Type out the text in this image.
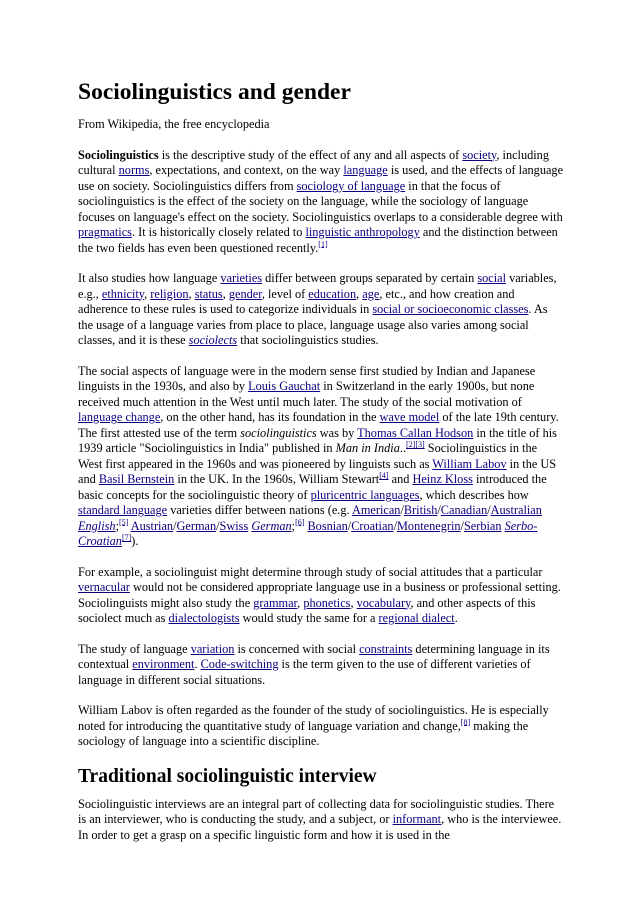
Sociolinguistics and gender

From Wikipedia, the free encyclopedia

Sociolinguistics is the descriptive study of the effect of any and all aspects of society, including cultural norms, expectations, and context, on the way language is used, and the effects of language use on society. Sociolinguistics differs from sociology of language in that the focus of sociolinguistics is the effect of the society on the language, while the sociology of language focuses on language's effect on the society. Sociolinguistics overlaps to a considerable degree with pragmatics. It is historically closely related to linguistic anthropology and the distinction between the two fields has even been questioned recently.[1]

It also studies how language varieties differ between groups separated by certain social variables, e.g., ethnicity, religion, status, gender, level of education, age, etc., and how creation and adherence to these rules is used to categorize individuals in social or socioeconomic classes. As the usage of a language varies from place to place, language usage also varies among social classes, and it is these sociolects that sociolinguistics studies.

The social aspects of language were in the modern sense first studied by Indian and Japanese linguists in the 1930s, and also by Louis Gauchat in Switzerland in the early 1900s, but none received much attention in the West until much later. The study of the social motivation of language change, on the other hand, has its foundation in the wave model of the late 19th century. The first attested use of the term sociolinguistics was by Thomas Callan Hodson in the title of his 1939 article "Sociolinguistics in India" published in Man in India..[2][3] Sociolinguistics in the West first appeared in the 1960s and was pioneered by linguists such as William Labov in the US and Basil Bernstein in the UK. In the 1960s, William Stewart[4] and Heinz Kloss introduced the basic concepts for the sociolinguistic theory of pluricentric languages, which describes how standard language varieties differ between nations (e.g. American/British/Canadian/Australian English;[5] Austrian/German/Swiss German;[6] Bosnian/Croatian/Montenegrin/Serbian Serbo-Croatian[7]).

For example, a sociolinguist might determine through study of social attitudes that a particular vernacular would not be considered appropriate language use in a business or professional setting. Sociolinguists might also study the grammar, phonetics, vocabulary, and other aspects of this sociolect much as dialectologists would study the same for a regional dialect.

The study of language variation is concerned with social constraints determining language in its contextual environment. Code-switching is the term given to the use of different varieties of language in different social situations.

William Labov is often regarded as the founder of the study of sociolinguistics. He is especially noted for introducing the quantitative study of language variation and change,[8] making the sociology of language into a scientific discipline.

Traditional sociolinguistic interview

Sociolinguistic interviews are an integral part of collecting data for sociolinguistic studies. There is an interviewer, who is conducting the study, and a subject, or informant, who is the interviewee. In order to get a grasp on a specific linguistic form and how it is used in the
